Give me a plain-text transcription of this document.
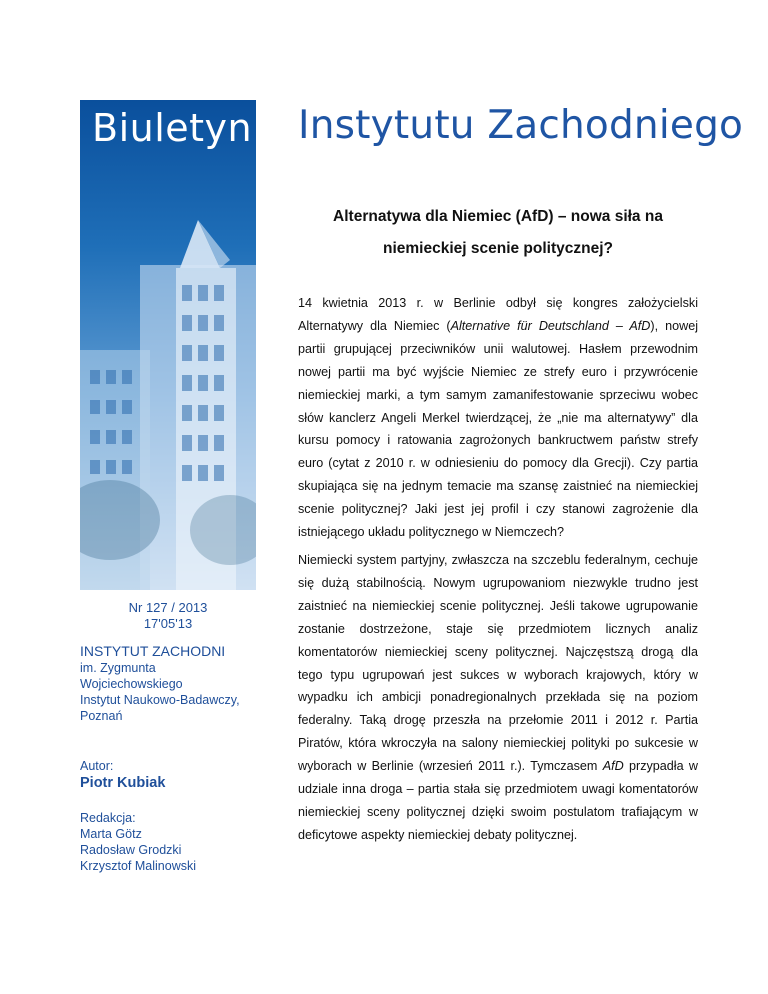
Biuletyn
Nr 127 / 2013
17'05'13
INSTYTUT ZACHODNI
im. Zygmunta
Wojciechowskiego
Instytut Naukowo-Badawczy,
Poznań
Autor:
Piotr Kubiak
Redakcja:
Marta Götz
Radosław Grodzki
Krzysztof Malinowski
Instytutu Zachodniego
Alternatywa dla Niemiec (AfD) – nowa siła na
niemieckiej scenie politycznej?

14 kwietnia 2013 r. w Berlinie odbył się kongres założycielski Alternatywy dla Niemiec (Alternative für Deutschland – AfD), nowej partii grupującej przeciwników unii walutowej. Hasłem przewodnim nowej partii ma być wyjście Niemiec ze strefy euro i przywrócenie niemieckiej marki, a tym samym zamanifestowanie sprzeciwu wobec słów kanclerz Angeli Merkel twierdzącej, że „nie ma alternatywy” dla kursu pomocy i ratowania zagrożonych bankructwem państw strefy euro (cytat z 2010 r. w odniesieniu do pomocy dla Grecji). Czy partia skupiająca się na jednym temacie ma szansę zaistnieć na niemieckiej scenie politycznej? Jaki jest jej profil i czy stanowi zagrożenie dla istniejącego układu politycznego w Niemczech?

Niemiecki system partyjny, zwłaszcza na szczeblu federalnym, cechuje się dużą stabilnością. Nowym ugrupowaniom niezwykle trudno jest zaistnieć na niemieckiej scenie politycznej. Jeśli takowe ugrupowanie zostanie dostrzeżone, staje się przedmiotem licznych analiz komentatorów niemieckiej sceny politycznej. Najczęstszą drogą dla tego typu ugrupowań jest sukces w wyborach krajowych, który w wypadku ich ambicji ponadregionalnych przekłada się na poziom federalny. Taką drogę przeszła na przełomie 2011 i 2012 r. Partia Piratów, która wkroczyła na salony niemieckiej polityki po sukcesie w wyborach w Berlinie (wrzesień 2011 r.). Tymczasem AfD przypadła w udziale inna droga – partia stała się przedmiotem uwagi komentatorów niemieckiej sceny politycznej dzięki swoim postulatom trafiającym w deficytowe aspekty niemieckiej debaty politycznej.
